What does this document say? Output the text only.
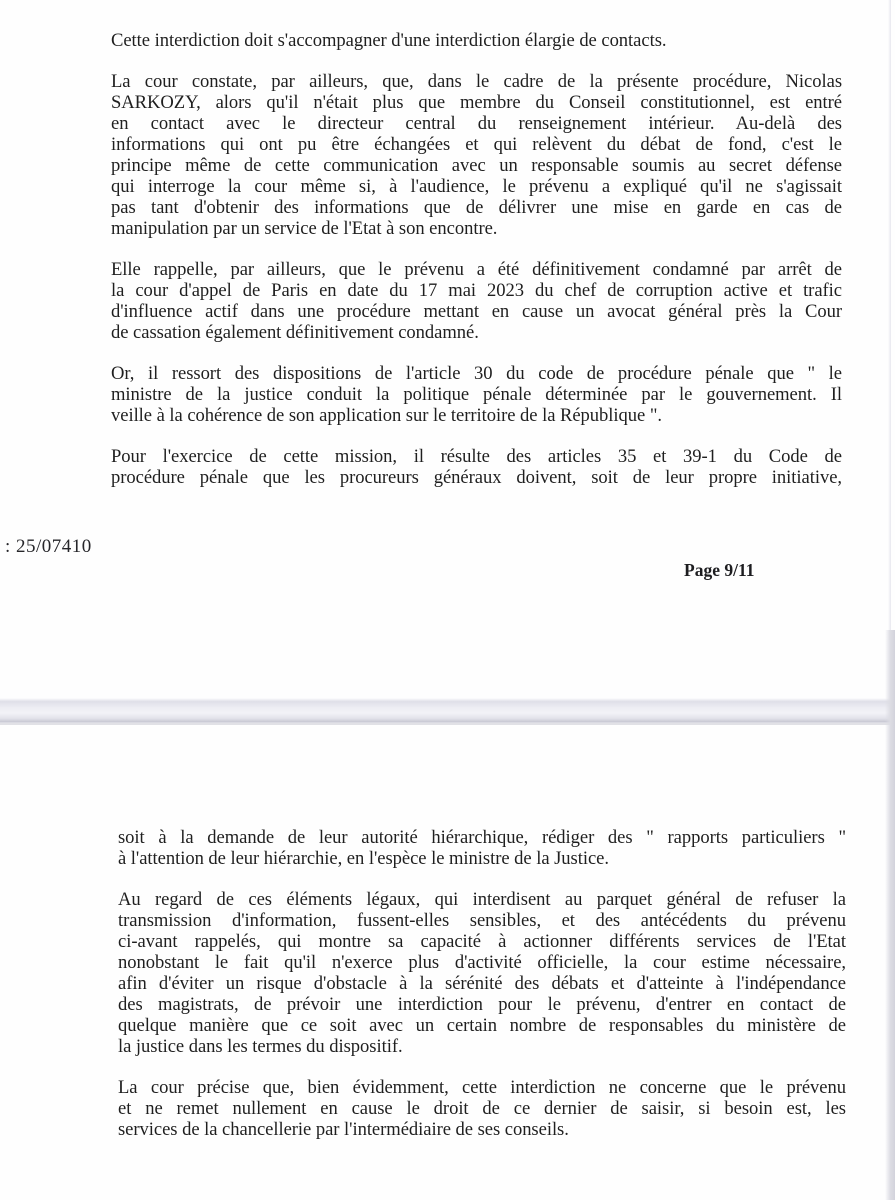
Cette interdiction doit s'accompagner d'une interdiction élargie de contacts.
La cour constate, par ailleurs, que, dans le cadre de la présente procédure, Nicolas
SARKOZY, alors qu'il n'était plus que membre du Conseil constitutionnel, est entré
en contact avec le directeur central du renseignement intérieur. Au-delà des
informations qui ont pu être échangées et qui relèvent du débat de fond, c'est le
principe même de cette communication avec un responsable soumis au secret défense
qui interroge la cour même si, à l'audience, le prévenu a expliqué qu'il ne s'agissait
pas tant d'obtenir des informations que de délivrer une mise en garde en cas de
manipulation par un service de l'Etat à son encontre.
Elle rappelle, par ailleurs, que le prévenu a été définitivement condamné par arrêt de
la cour d'appel de Paris en date du 17 mai 2023 du chef de corruption active et trafic
d'influence actif dans une procédure mettant en cause un avocat général près la Cour
de cassation également définitivement condamné.
Or, il ressort des dispositions de l'article 30 du code de procédure pénale que " le
ministre de la justice conduit la politique pénale déterminée par le gouvernement. Il
veille à la cohérence de son application sur le territoire de la République ".
Pour l'exercice de cette mission, il résulte des articles 35 et 39-1 du Code de
procédure pénale que les procureurs généraux doivent, soit de leur propre initiative,
: 25/07410
Page 9/11
soit à la demande de leur autorité hiérarchique, rédiger des " rapports particuliers "
à l'attention de leur hiérarchie, en l'espèce le ministre de la Justice.
Au regard de ces éléments légaux, qui interdisent au parquet général de refuser la
transmission d'information, fussent-elles sensibles, et des antécédents du prévenu
ci-avant rappelés, qui montre sa capacité à actionner différents services de l'Etat
nonobstant le fait qu'il n'exerce plus d'activité officielle, la cour estime nécessaire,
afin d'éviter un risque d'obstacle à la sérénité des débats et d'atteinte à l'indépendance
des magistrats, de prévoir une interdiction pour le prévenu, d'entrer en contact de
quelque manière que ce soit avec un certain nombre de responsables du ministère de
la justice dans les termes du dispositif.
La cour précise que, bien évidemment, cette interdiction ne concerne que le prévenu
et ne remet nullement en cause le droit de ce dernier de saisir, si besoin est, les
services de la chancellerie par l'intermédiaire de ses conseils.
